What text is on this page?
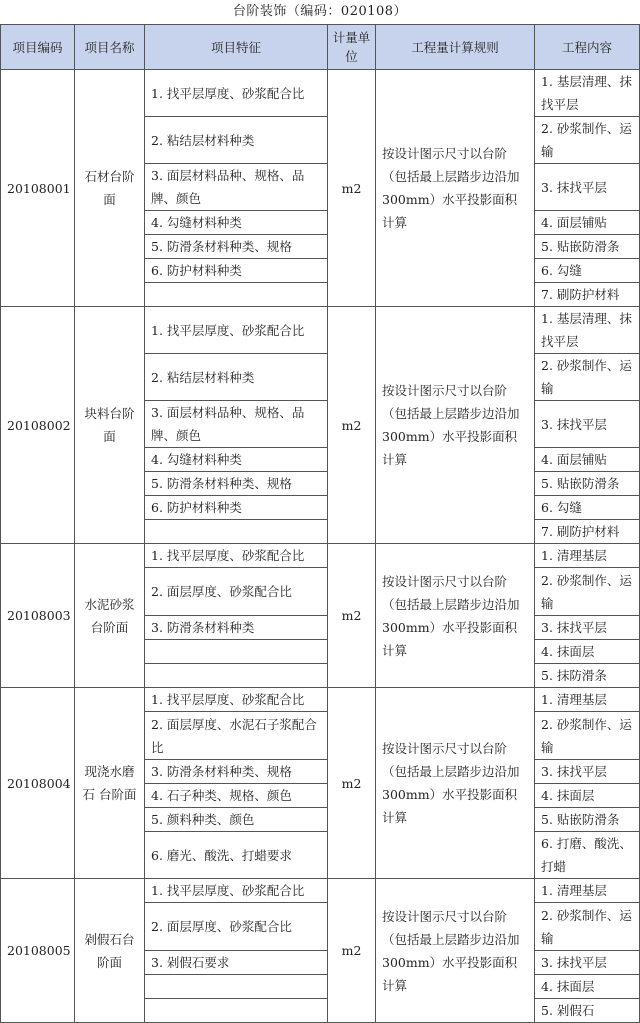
台阶装饰（编码：020108）
项目编码	项目名称	项目特征	计量单位	工程量计算规则	工程内容
20108001	石材台阶面	1. 找平层厚度、砂浆配合比	m2	按设计图示尺寸以台阶（包括最上层踏步边沿加300mm）水平投影面积计算	1. 基层清理、抹找平层
		2. 粘结层材料种类			2. 砂浆制作、运输
		3. 面层材料品种、规格、品牌、颜色			3. 抹找平层
		4. 勾缝材料种类			4. 面层铺贴
		5. 防滑条材料种类、规格			5. 贴嵌防滑条
		6. 防护材料种类			6. 勾缝
					7. 刷防护材料
20108002	块料台阶面	1. 找平层厚度、砂浆配合比	m2	按设计图示尺寸以台阶（包括最上层踏步边沿加300mm）水平投影面积计算	1. 基层清理、抹找平层
		2. 粘结层材料种类			2. 砂浆制作、运输
		3. 面层材料品种、规格、品牌、颜色			3. 抹找平层
		4. 勾缝材料种类			4. 面层铺贴
		5. 防滑条材料种类、规格			5. 贴嵌防滑条
		6. 防护材料种类			6. 勾缝
					7. 刷防护材料
20108003	水泥砂浆台阶面	1. 找平层厚度、砂浆配合比	m2	按设计图示尺寸以台阶（包括最上层踏步边沿加300mm）水平投影面积计算	1. 清理基层
		2. 面层厚度、砂浆配合比			2. 砂浆制作、运输
		3. 防滑条材料种类			3. 抹找平层
					4. 抹面层
					5. 抹防滑条
20108004	现浇水磨石 台阶面	1. 找平层厚度、砂浆配合比	m2	按设计图示尺寸以台阶（包括最上层踏步边沿加300mm）水平投影面积计算	1. 清理基层
		2. 面层厚度、水泥石子浆配合比			2. 砂浆制作、运输
		3. 防滑条材料种类、规格			3. 抹找平层
		4. 石子种类、规格、颜色			4. 抹面层
		5. 颜料种类、颜色			5. 贴嵌防滑条
		6. 磨光、酸洗、打蜡要求			6. 打磨、酸洗、打蜡
20108005	剁假石台阶面	1. 找平层厚度、砂浆配合比	m2	按设计图示尺寸以台阶（包括最上层踏步边沿加300mm）水平投影面积计算	1. 清理基层
		2. 面层厚度、砂浆配合比			2. 砂浆制作、运输
		3. 剁假石要求			3. 抹找平层
					4. 抹面层
					5. 剁假石
